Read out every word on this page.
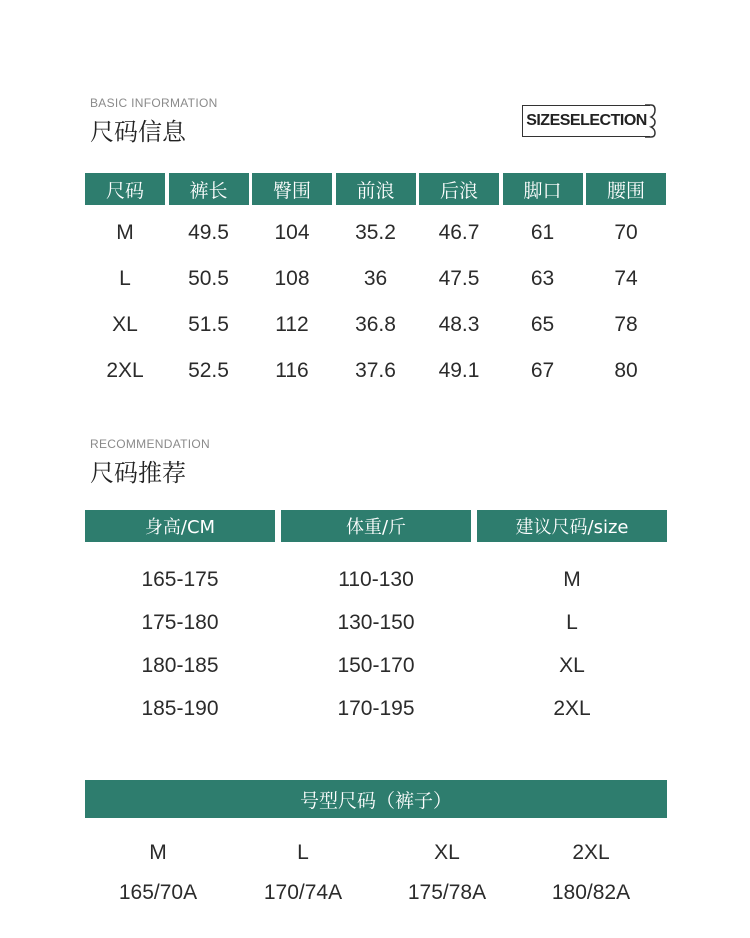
BASIC INFORMATION
尺码信息	SIZESELECTION
尺码	裤长	臀围	前浪	后浪	脚口	腰围
M	49.5	104	35.2	46.7	61	70
L	50.5	108	36	47.5	63	74
XL	51.5	112	36.8	48.3	65	78
2XL	52.5	116	37.6	49.1	67	80
RECOMMENDATION
尺码推荐
身高/CM	体重/斤	建议尺码/size
165-175	110-130	M
175-180	130-150	L
180-185	150-170	XL
185-190	170-195	2XL
号型尺码（裤子）
M	L	XL	2XL
165/70A	170/74A	175/78A	180/82A
